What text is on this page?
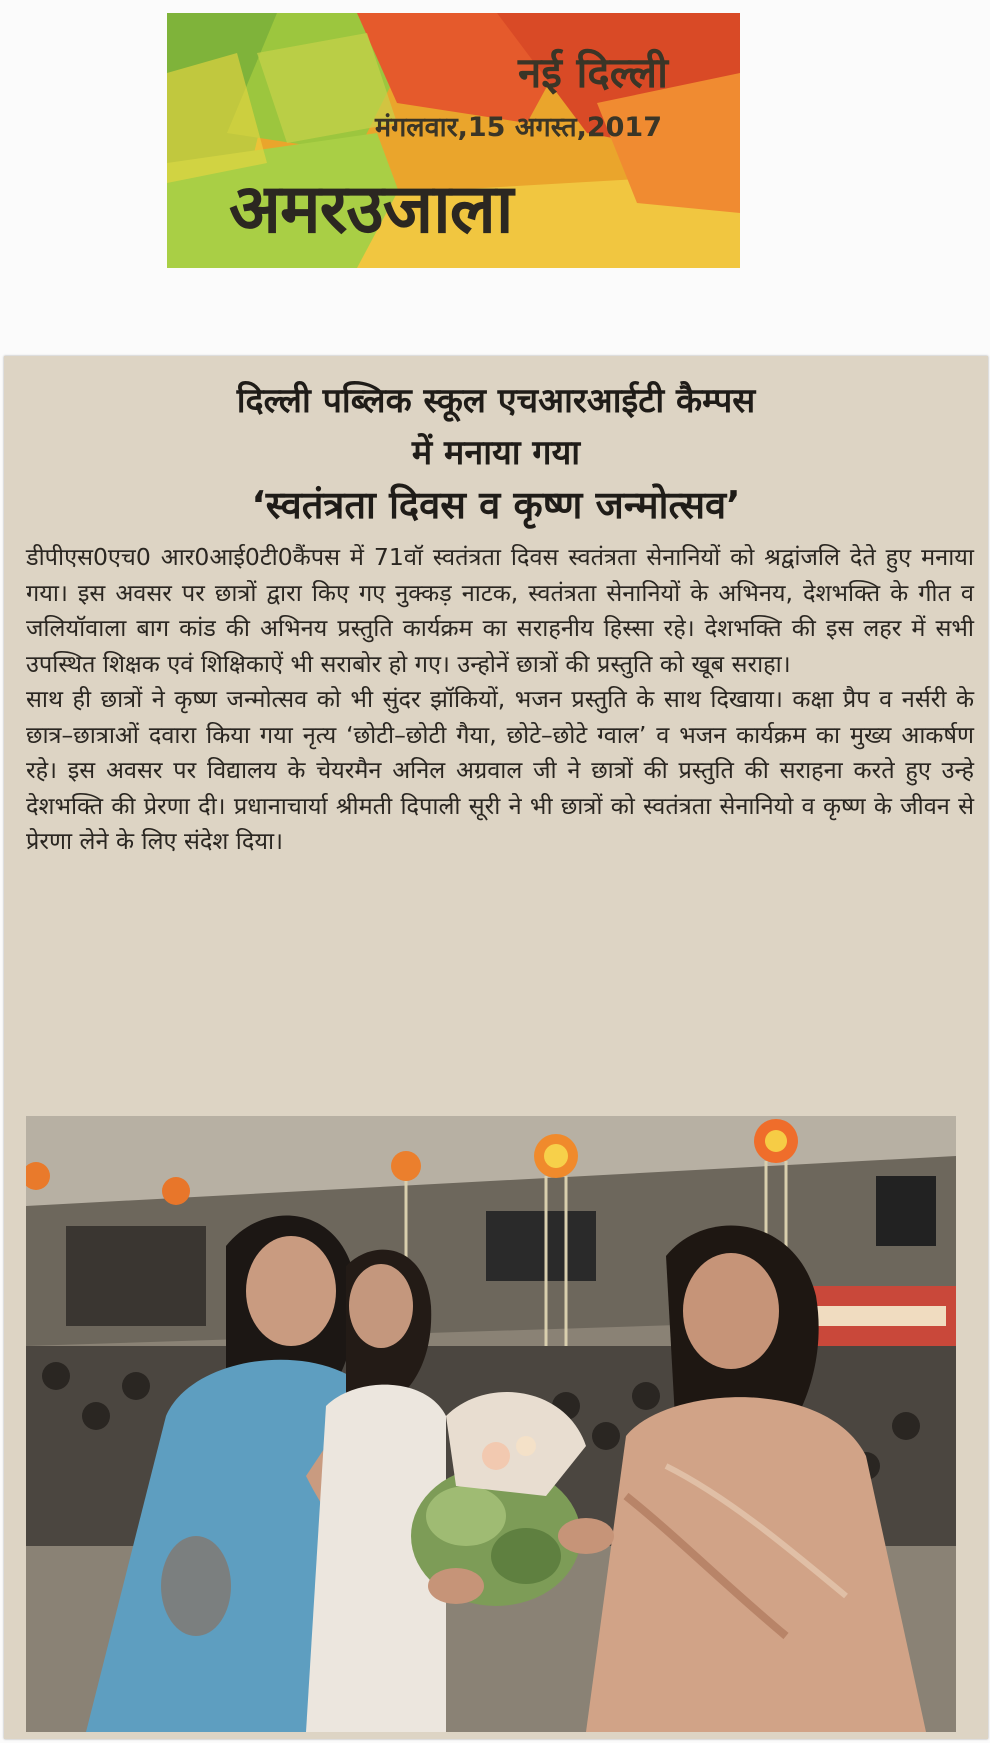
नई दिल्ली
मंगलवार,15 अगस्त,2017
अमरउजाला
दिल्ली पब्लिक स्कूल एचआरआईटी कैम्पस
में मनाया गया
‘स्वतंत्रता दिवस व कृष्ण जन्मोत्सव’

डीपीएस0एच0 आर0आई0टी0कैंपस में 71वॉ स्वतंत्रता दिवस स्वतंत्रता सेनानियों को श्रद्वांजलि देते हुए मनाया गया। इस अवसर पर छात्रों द्वारा किए गए नुक्कड़ नाटक, स्वतंत्रता सेनानियों के अभिनय, देशभक्ति के गीत व जलियॉवाला बाग कांड की अभिनय प्रस्तुति कार्यक्रम का सराहनीय हिस्सा रहे। देशभक्ति की इस लहर में सभी उपस्थित शिक्षक एवं शिक्षिकाऐं भी सराबोर हो गए। उन्होनें छात्रों की प्रस्तुति को खूब सराहा।

साथ ही छात्रों ने कृष्ण जन्मोत्सव को भी सुंदर झॉकियों, भजन प्रस्तुति के साथ दिखाया। कक्षा प्रैप व नर्सरी के छात्र–छात्राओं दवारा किया गया नृत्य ‘छोटी–छोटी गैया, छोटे–छोटे ग्वाल’ व भजन कार्यक्रम का मुख्य आकर्षण रहे। इस अवसर पर विद्यालय के चेयरमैन अनिल अग्रवाल जी ने छात्रों की प्रस्तुति की सराहना करते हुए उन्हे देशभक्ति की प्रेरणा दी। प्रधानाचार्या श्रीमती दिपाली सूरी ने भी छात्रों को स्वतंत्रता सेनानियो व कृष्ण के जीवन से प्रेरणा लेने के लिए संदेश दिया।
